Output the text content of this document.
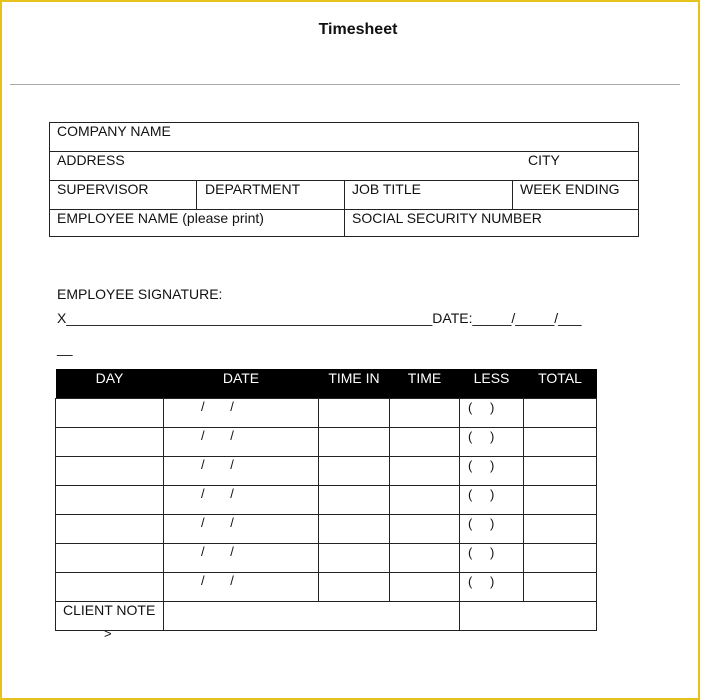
Timesheet
COMPANY NAME
ADDRESS	CITY
SUPERVISOR	DEPARTMENT	JOB TITLE	WEEK ENDING
EMPLOYEE NAME (please print)	SOCIAL SECURITY NUMBER
EMPLOYEE SIGNATURE:
X_______________________________________________DATE:_____/_____/___
__
DAY	DATE	TIME IN	TIME	LESS	TOTAL

	/ /			( )	

	/ /			( )	

	/ /			( )	

	/ /			( )	

	/ /			( )	

	/ /			( )	

	/ /			( )	

CLIENT NOTE
>					
